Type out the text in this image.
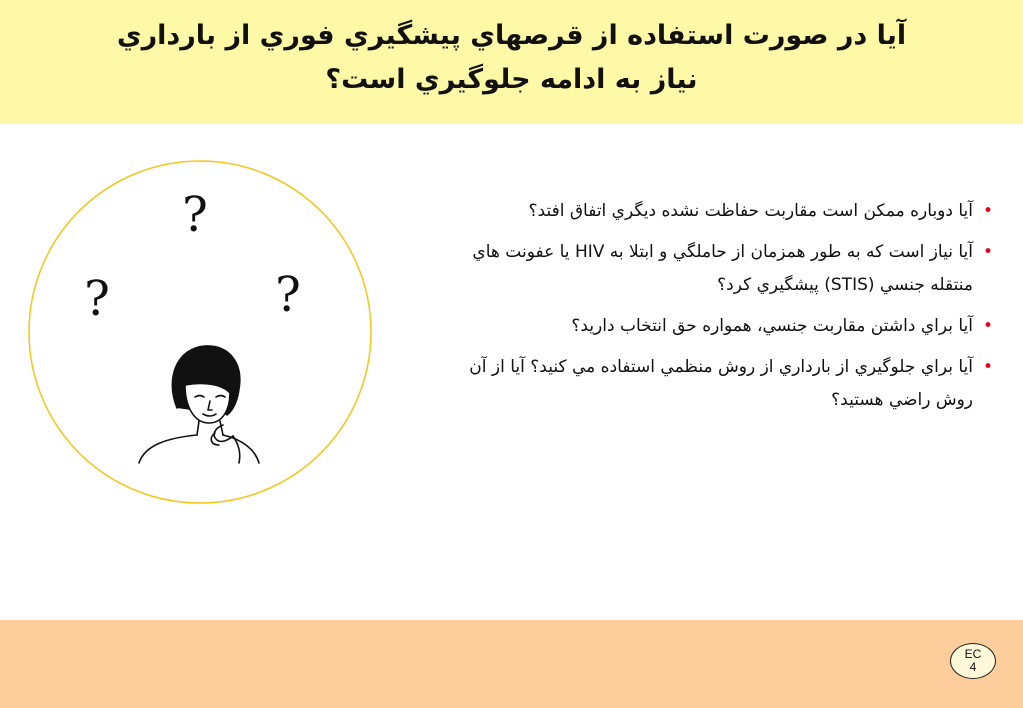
آيا در صورت استفاده از قرصهاي پيشگيري فوري از بارداري
نياز به ادامه جلوگيري است؟
•
آيا دوباره ممكن است مقاربت حفاظت نشده ديگري اتفاق افتد؟
•
آيا نياز است كه به طور همزمان از حاملگي و ابتلا به HIV يا عفونت هاي منتقله جنسي (STIS) پيشگيري كرد؟
•
آيا براي داشتن مقاربت جنسي، همواره حق انتخاب داريد؟
•
آيا براي جلوگيري از بارداري از روش منظمي استفاده مي كنيد؟ آيا از آن روش راضي هستيد؟
?
?	?
EC
4
